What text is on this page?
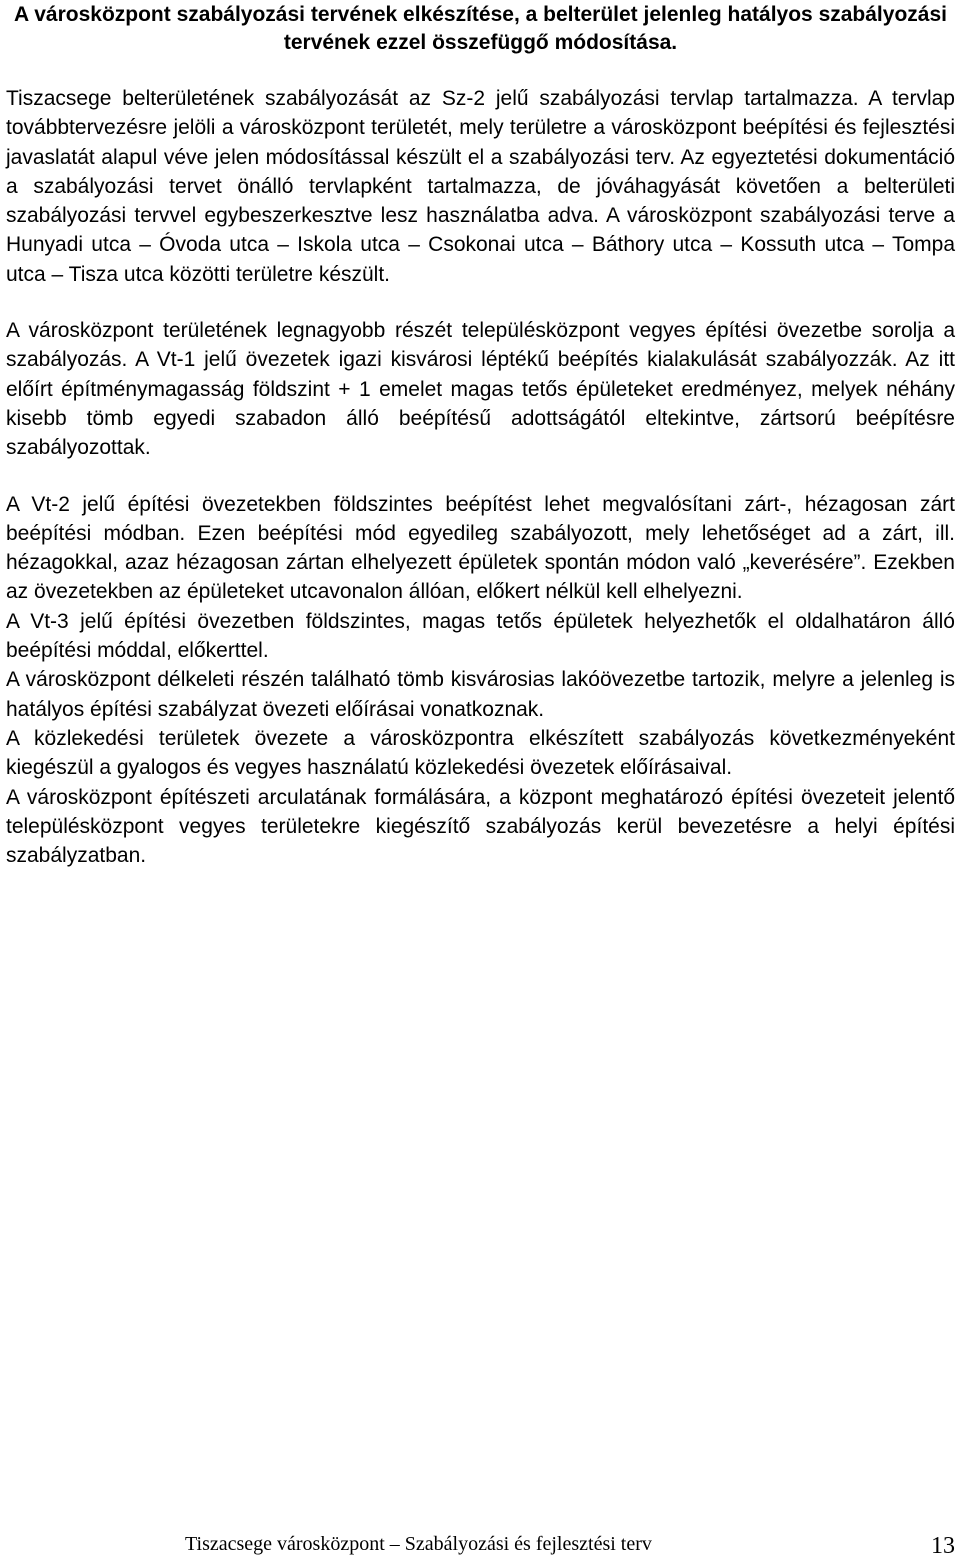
A városközpont szabályozási tervének elkészítése, a belterület jelenleg hatályos szabályozási tervének ezzel összefüggő módosítása.

Tiszacsege belterületének szabályozását az Sz-2 jelű szabályozási tervlap tartalmazza. A tervlap továbbtervezésre jelöli a városközpont területét, mely területre a városközpont beépítési és fejlesztési javaslatát alapul véve jelen módosítással készült el a szabályozási terv. Az egyeztetési dokumentáció a szabályozási tervet önálló tervlapként tartalmazza, de jóváhagyását követően a belterületi szabályozási tervvel egybeszerkesztve lesz használatba adva. A városközpont szabályozási terve a Hunyadi utca – Óvoda utca – Iskola utca – Csokonai utca – Báthory utca – Kossuth utca – Tompa utca – Tisza utca közötti területre készült.

A városközpont területének legnagyobb részét településközpont vegyes építési övezetbe sorolja a szabályozás. A Vt-1 jelű övezetek igazi kisvárosi léptékű beépítés kialakulását szabályozzák. Az itt előírt építménymagasság földszint + 1 emelet magas tetős épületeket eredményez, melyek néhány kisebb tömb egyedi szabadon álló beépítésű adottságától eltekintve, zártsorú beépítésre szabályozottak.

A Vt-2 jelű építési övezetekben földszintes beépítést lehet megvalósítani zárt-, hézagosan zárt beépítési módban. Ezen beépítési mód egyedileg szabályozott, mely lehetőséget ad a zárt, ill. hézagokkal, azaz hézagosan zártan elhelyezett épületek spontán módon való „keverésére”. Ezekben az övezetekben az épületeket utcavonalon állóan, előkert nélkül kell elhelyezni.

A Vt-3 jelű építési övezetben földszintes, magas tetős épületek helyezhetők el oldalhatáron álló beépítési móddal, előkerttel.

A városközpont délkeleti részén található tömb kisvárosias lakóövezetbe tartozik, melyre a jelenleg is hatályos építési szabályzat övezeti előírásai vonatkoznak.

A közlekedési területek övezete a városközpontra elkészített szabályozás következményeként kiegészül a gyalogos és vegyes használatú közlekedési övezetek előírásaival.

A városközpont építészeti arculatának formálására, a központ meghatározó építési övezeteit jelentő településközpont vegyes területekre kiegészítő szabályozás kerül bevezetésre a helyi építési szabályzatban.

Tiszacsege városközpont – Szabályozási és fejlesztési terv	13
